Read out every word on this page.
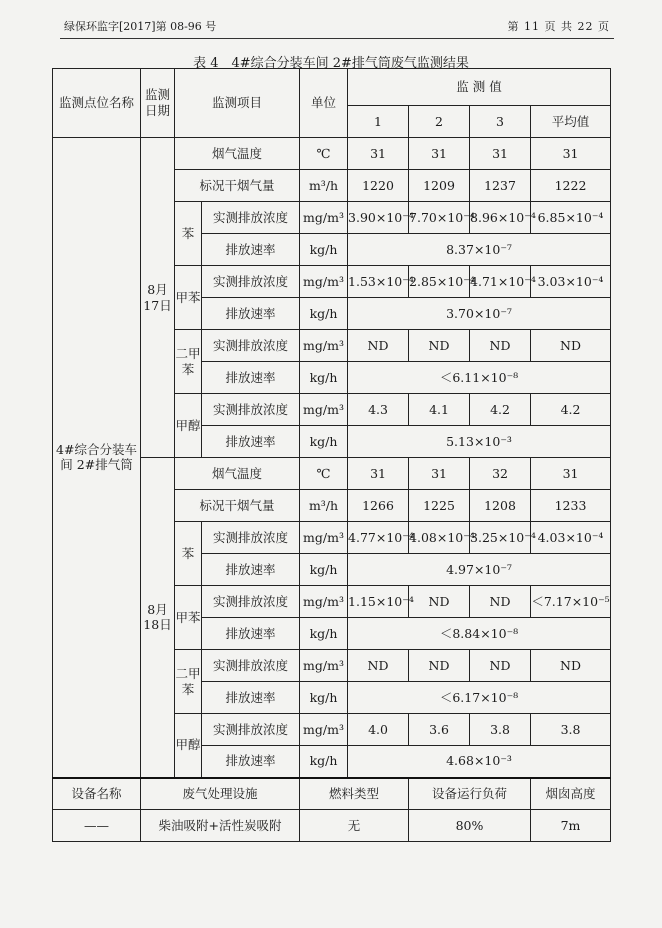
绿保环监字[2017]第 08-96 号	第 11 页 共 22 页
表 4　4#综合分装车间 2#排气筒废气监测结果
监测点位名称	监测日期	监测项目		单位	监 测 值			
					1	2	3	平均值
4#综合分装车间 2#排气筒	8月17日	烟气温度		℃	31	31	31	31
		标况干烟气量		m³/h	1220	1209	1237	1222
		苯	实测排放浓度	mg/m³	3.90×10⁻⁴	7.70×10⁻⁴	8.96×10⁻⁴	6.85×10⁻⁴
			排放速率	kg/h	8.37×10⁻⁷			
		甲苯	实测排放浓度	mg/m³	1.53×10⁻⁴	2.85×10⁻⁴	4.71×10⁻⁴	3.03×10⁻⁴
			排放速率	kg/h	3.70×10⁻⁷			
		二甲苯	实测排放浓度	mg/m³	ND	ND	ND	ND
			排放速率	kg/h	＜6.11×10⁻⁸			
		甲醇	实测排放浓度	mg/m³	4.3	4.1	4.2	4.2
			排放速率	kg/h	5.13×10⁻³			
	8月18日	烟气温度		℃	31	31	32	31
		标况干烟气量		m³/h	1266	1225	1208	1233
		苯	实测排放浓度	mg/m³	4.77×10⁻⁴	4.08×10⁻⁴	3.25×10⁻⁴	4.03×10⁻⁴
			排放速率	kg/h	4.97×10⁻⁷			
		甲苯	实测排放浓度	mg/m³	1.15×10⁻⁴	ND	ND	＜7.17×10⁻⁵
			排放速率	kg/h	＜8.84×10⁻⁸			
		二甲苯	实测排放浓度	mg/m³	ND	ND	ND	ND
			排放速率	kg/h	＜6.17×10⁻⁸			
		甲醇	实测排放浓度	mg/m³	4.0	3.6	3.8	3.8
			排放速率	kg/h	4.68×10⁻³			
设备名称	废气处理设施			燃料类型		设备运行负荷		烟囱高度
——	柴油吸附+活性炭吸附			无		80%		7m
